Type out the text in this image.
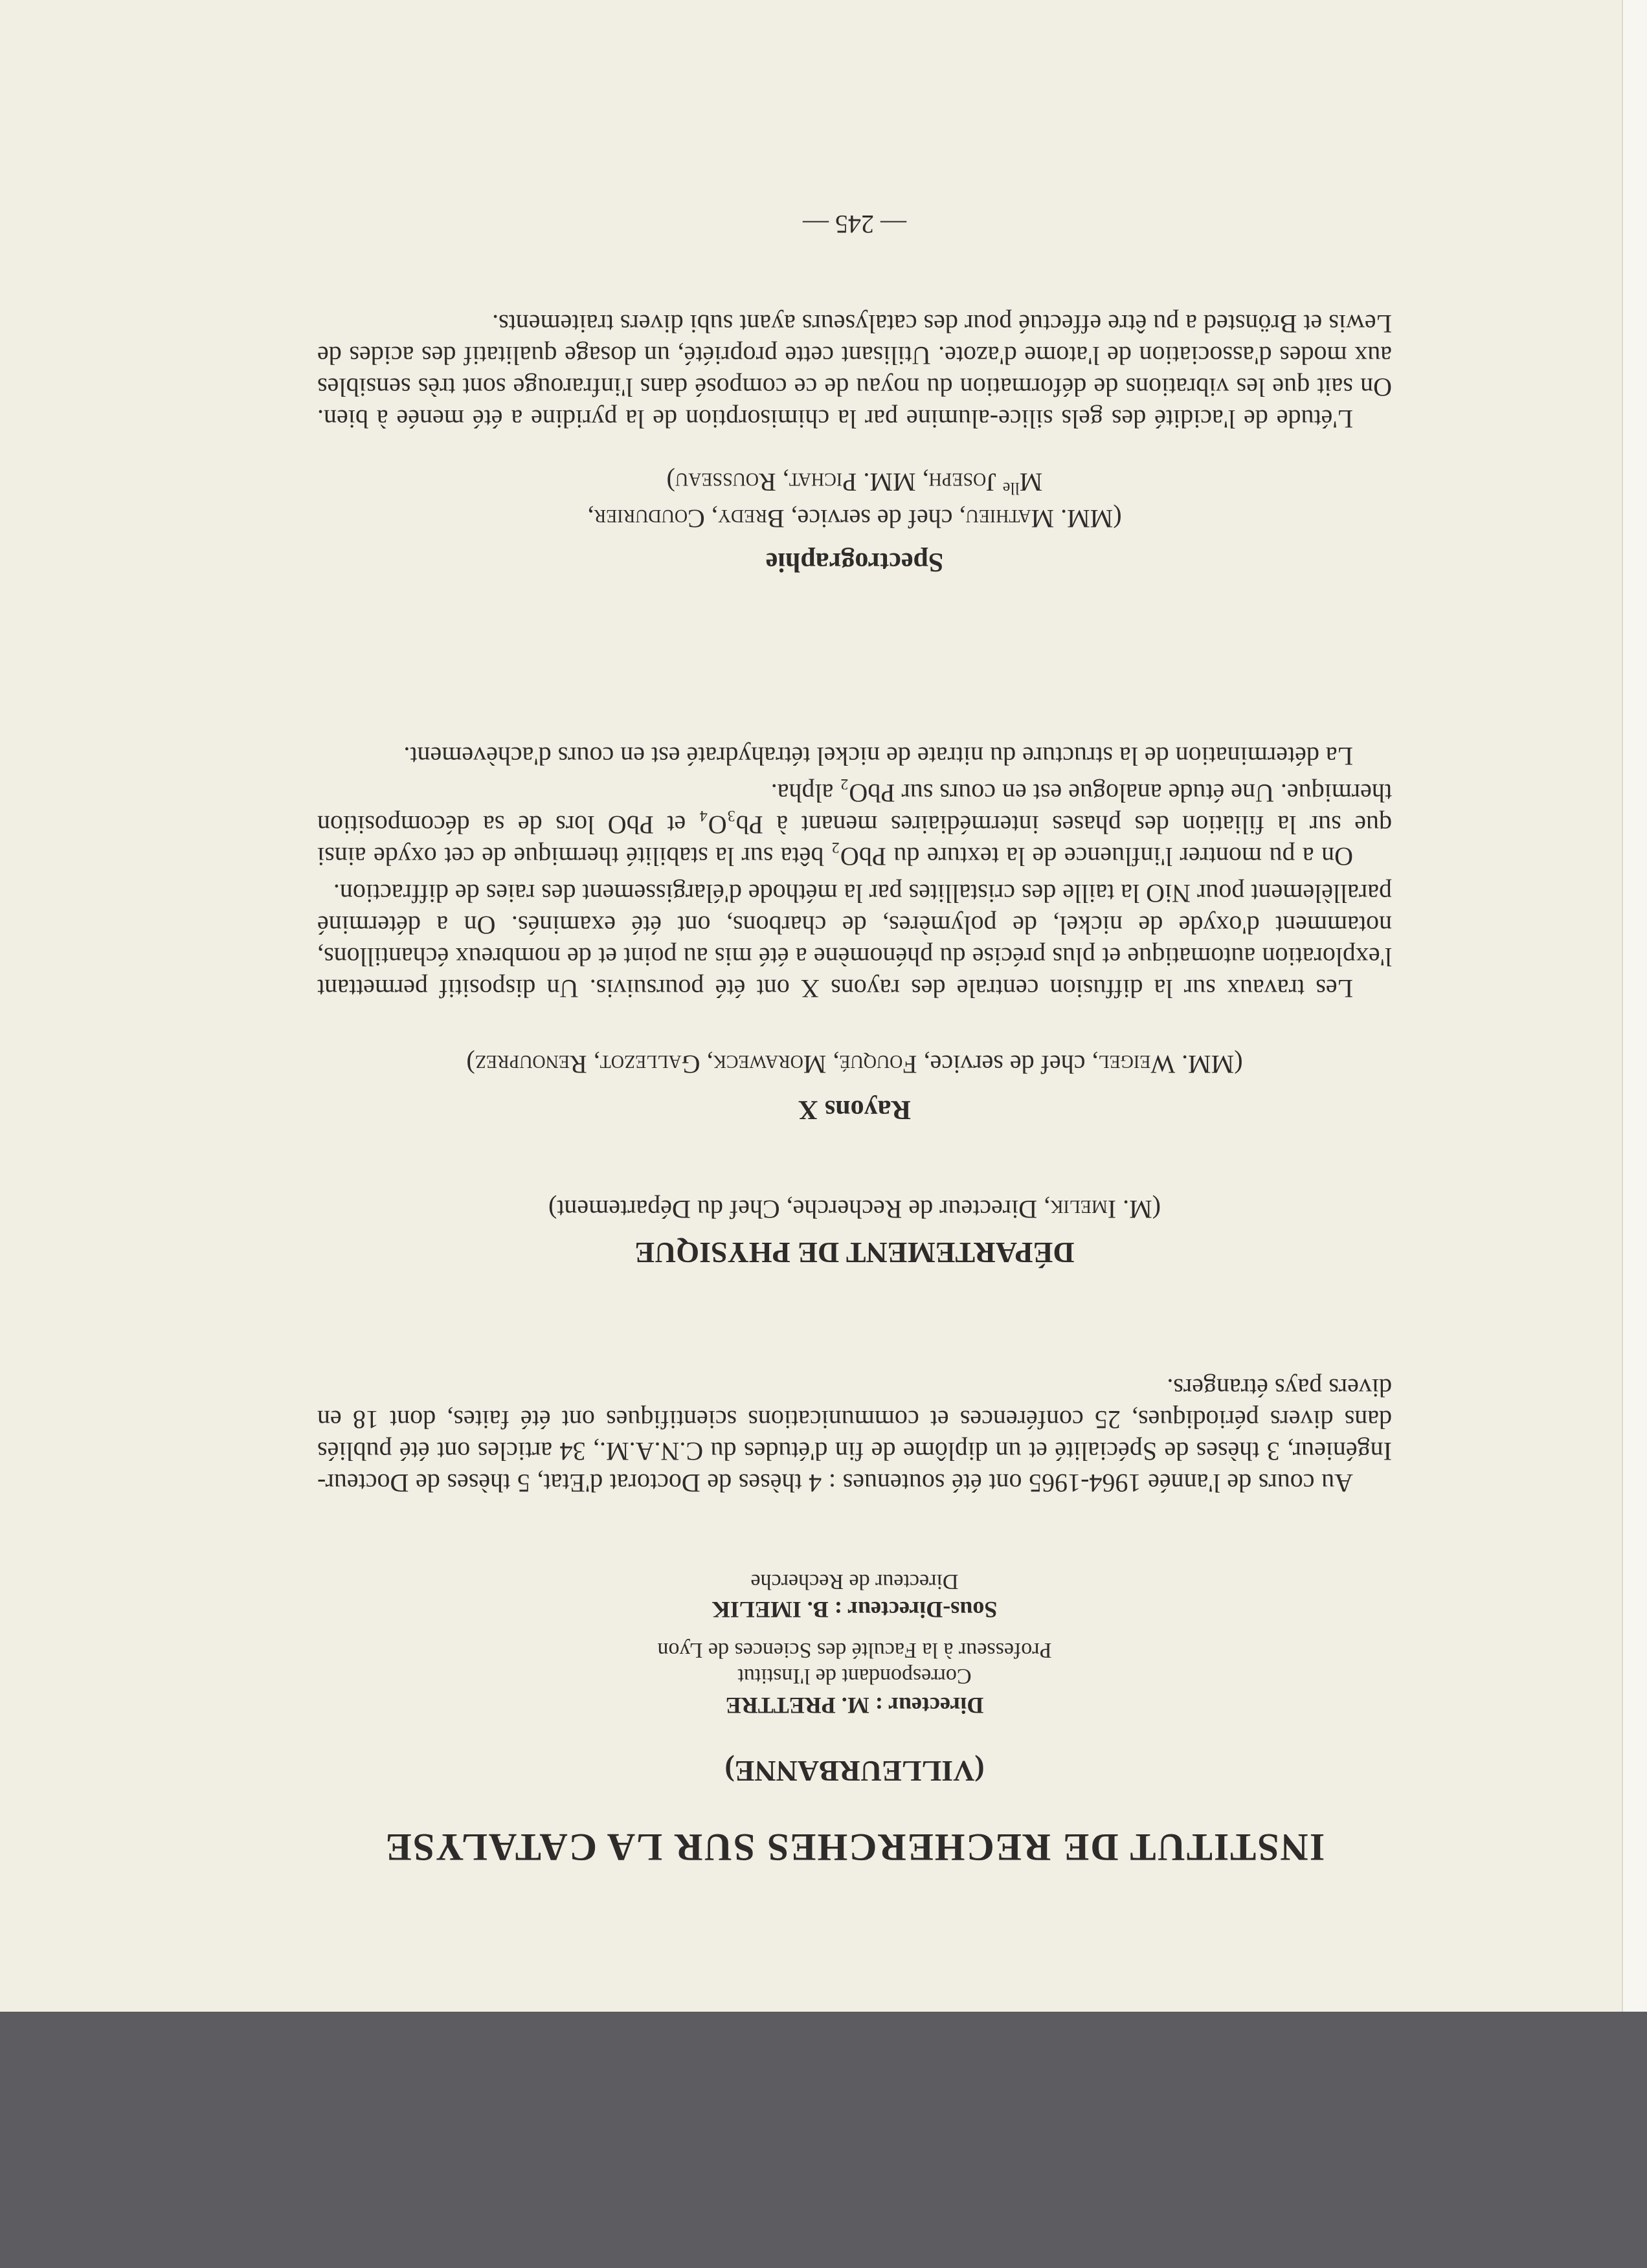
INSTITUT DE RECHERCHES SUR LA CATALYSE
(VILLEURBANNE)
Directeur : M. PRETTRE
Correspondant de l'Institut
Professeur à la Faculté des Sciences de Lyon
Sous-Directeur : B. IMELIK
Directeur de Recherche

Au cours de l'année 1964-1965 ont été soutenues : 4 thèses de Doctorat d'Etat, 5 thèses de Docteur-Ingénieur, 3 thèses de Spécialité et un diplôme de fin d'études du C.N.A.M., 34 articles ont été publiés dans divers périodiques, 25 conférences et communications scientifiques ont été faites, dont 18 en divers pays étrangers.

DÉPARTEMENT DE PHYSIQUE
(M. Imelik, Directeur de Recherche, Chef du Département)
Rayons X
(MM. Weigel, chef de service, Fouqué, Moraweck, Gallezot, Renouprez)

Les travaux sur la diffusion centrale des rayons X ont été poursuivis. Un dispositif permettant l'exploration automatique et plus précise du phénomène a été mis au point et de nombreux échantillons, notamment d'oxyde de nickel, de polymères, de charbons, ont été examinés. On a déterminé parallèlement pour NiO la taille des cristallites par la méthode d'élargissement des raies de diffraction.

On a pu montrer l'influence de la texture du PbO₂ bêta sur la stabilité thermique de cet oxyde ainsi que sur la filiation des phases intermédiaires menant à Pb₃O₄ et PbO lors de sa décomposition thermique. Une étude analogue est en cours sur PbO₂ alpha.

La détermination de la structure du nitrate de nickel tétrahydraté est en cours d'achèvement.

Spectrographie
(MM. Mathieu, chef de service, Bredy, Coudurier,
$M^{lle}$ Joseph, MM. Pichat, Rousseau)

L'étude de l'acidité des gels silice-alumine par la chimisorption de la pyridine a été menée à bien. On sait que les vibrations de déformation du noyau de ce composé dans l'infrarouge sont très sensibles aux modes d'association de l'atome d'azote. Utilisant cette propriété, un dosage qualitatif des acides de Lewis et Brönsted a pu être effectué pour des catalyseurs ayant subi divers traitements.

— 245 —
